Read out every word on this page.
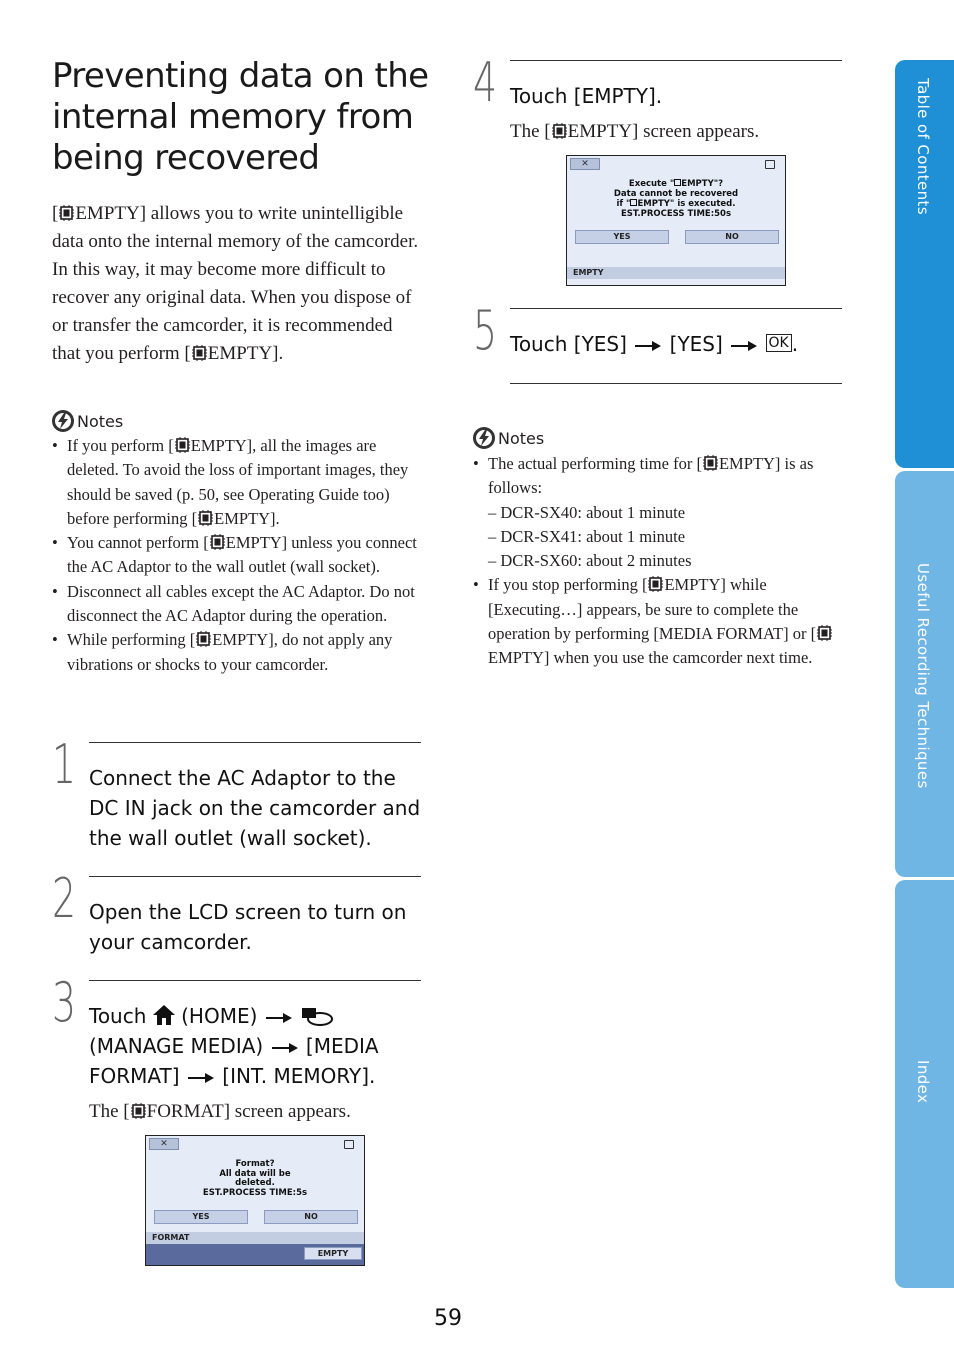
Preventing data on the internal memory from being recovered

[ EMPTY] allows you to write unintelligible data onto the internal memory of the camcorder. In this way, it may become more difficult to recover any original data. When you dispose of or transfer the camcorder, it is recommended that you perform [ EMPTY].

Notes
• If you perform [ EMPTY], all the images are deleted. To avoid the loss of important images, they should be saved (p. 50, see Operating Guide too) before performing [ EMPTY].
• You cannot perform [ EMPTY] unless you connect the AC Adaptor to the wall outlet (wall socket).
• Disconnect all cables except the AC Adaptor. Do not disconnect the AC Adaptor during the operation.
• While performing [ EMPTY], do not apply any vibrations or shocks to your camcorder.
1 Connect the AC Adaptor to the DC IN jack on the camcorder and the wall outlet (wall socket).
2 Open the LCD screen to turn on your camcorder.
3 Touch (HOME)   (MANAGE MEDIA) [MEDIA FORMAT] [INT. MEMORY].
The [ FORMAT] screen appears.
✕
Format?
All data will be
deleted.
EST.PROCESS TIME:5s
YES	NO
FORMAT
EMPTY
4 Touch [EMPTY].
The [ EMPTY] screen appears.
✕
Execute " EMPTY"?
Data cannot be recovered
if " EMPTY" is executed.
EST.PROCESS TIME:50s
YES	NO
EMPTY
5 Touch [YES] [YES]	OK .
Notes
• The actual performing time for [ EMPTY] is as follows:
– DCR-SX40: about 1 minute
– DCR-SX41: about 1 minute
– DCR-SX60: about 2 minutes
• If you stop performing [ EMPTY] while [Executing…] appears, be sure to complete the operation by performing [MEDIA FORMAT] or [EMPTY] when you use the camcorder next time.
Table of Contents
Useful Recording Techniques
Index
59
